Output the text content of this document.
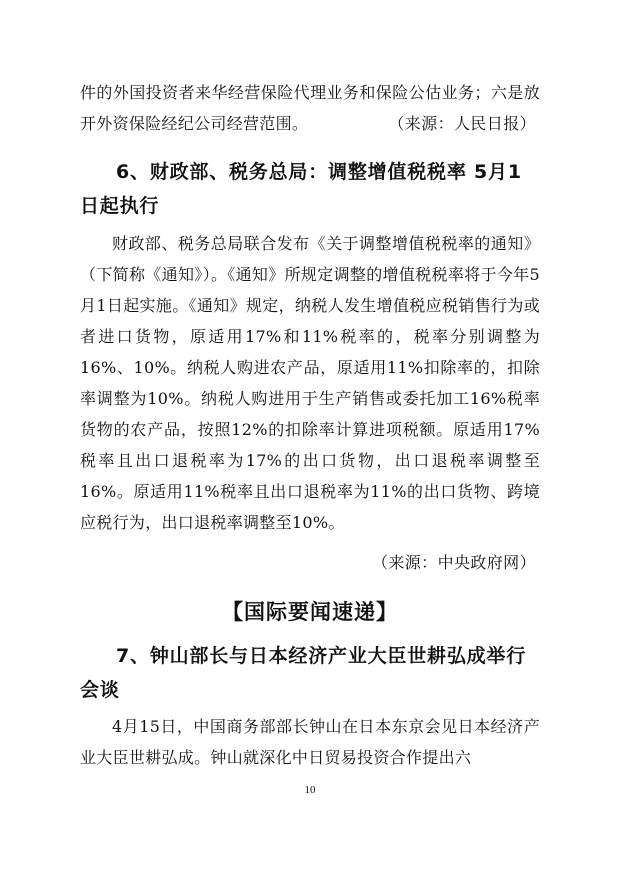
件的外国投资者来华经营保险代理业务和保险公估业务；六是放开外资保险经纪公司经营范围。	（来源：人民日报）
6、财政部、税务总局：调整增值税税率 5月1日起执行
财政部、税务总局联合发布《关于调整增值税税率的通知》（下简称《通知》）。《通知》所规定调整的增值税税率将于今年5月1日起实施。《通知》规定，纳税人发生增值税应税销售行为或者进口货物，原适用17%和11%税率的，税率分别调整为16%、10%。纳税人购进农产品，原适用11%扣除率的，扣除率调整为10%。纳税人购进用于生产销售或委托加工16%税率货物的农产品，按照12%的扣除率计算进项税额。原适用17%税率且出口退税率为17%的出口货物，出口退税率调整至16%。原适用11%税率且出口退税率为11%的出口货物、跨境应税行为，出口退税率调整至10%。
（来源：中央政府网）
【国际要闻速递】
7、钟山部长与日本经济产业大臣世耕弘成举行会谈
4月15日，中国商务部部长钟山在日本东京会见日本经济产业大臣世耕弘成。钟山就深化中日贸易投资合作提出六
10
